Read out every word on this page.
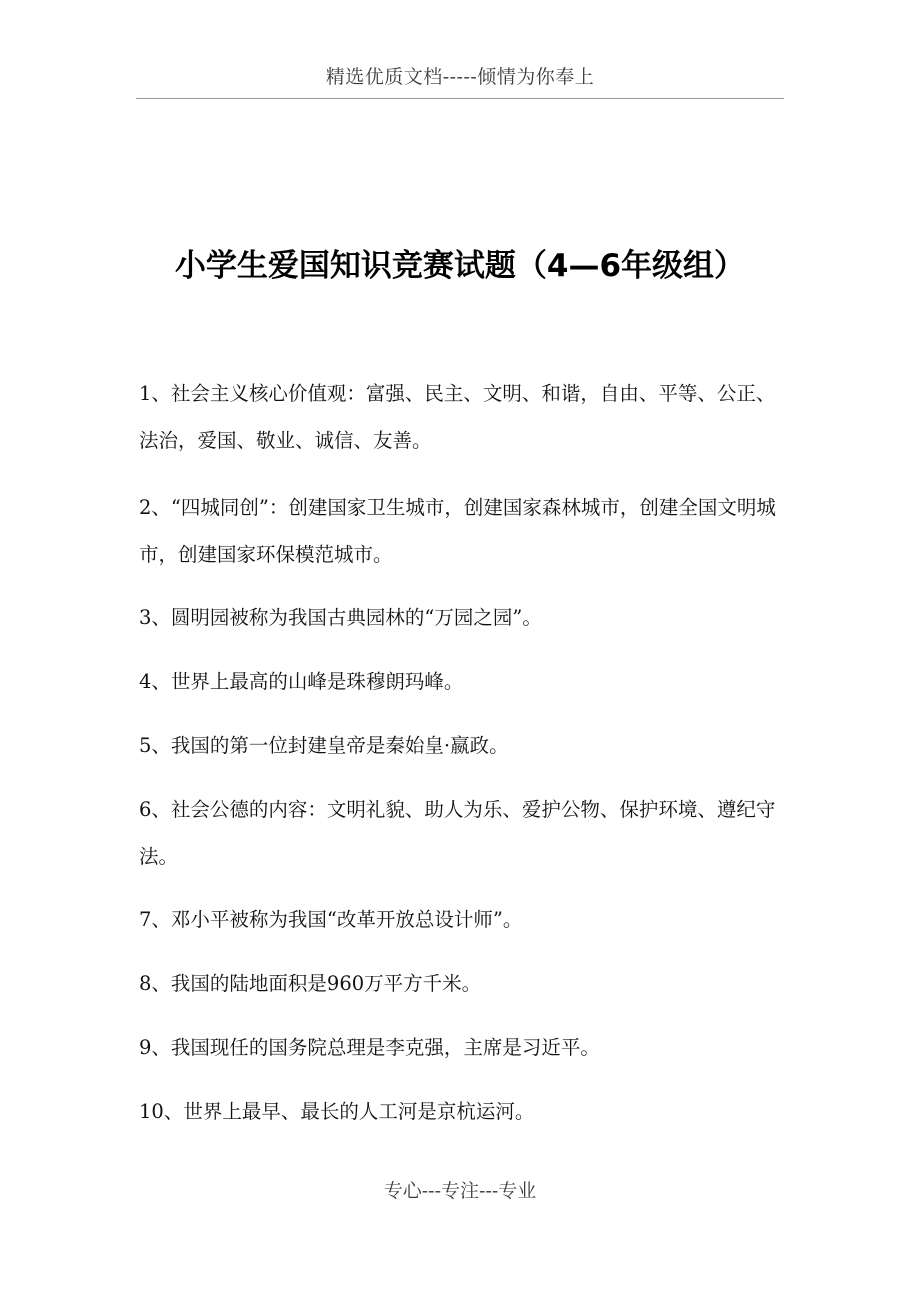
精选优质文档-----倾情为你奉上
小学生爱国知识竞赛试题（4—6年级组）
1、社会主义核心价值观：富强、民主、文明、和谐，自由、平等、公正、法治，爱国、敬业、诚信、友善。
2、“四城同创”：创建国家卫生城市，创建国家森林城市，创建全国文明城市，创建国家环保模范城市。
3、圆明园被称为我国古典园林的“万园之园”。
4、世界上最高的山峰是珠穆朗玛峰。
5、我国的第一位封建皇帝是秦始皇·嬴政。
6、社会公德的内容：文明礼貌、助人为乐、爱护公物、保护环境、遵纪守法。
7、邓小平被称为我国“改革开放总设计师”。
8、我国的陆地面积是960万平方千米。
9、我国现任的国务院总理是李克强，主席是习近平。
10、世界上最早、最长的人工河是京杭运河。
专心---专注---专业
